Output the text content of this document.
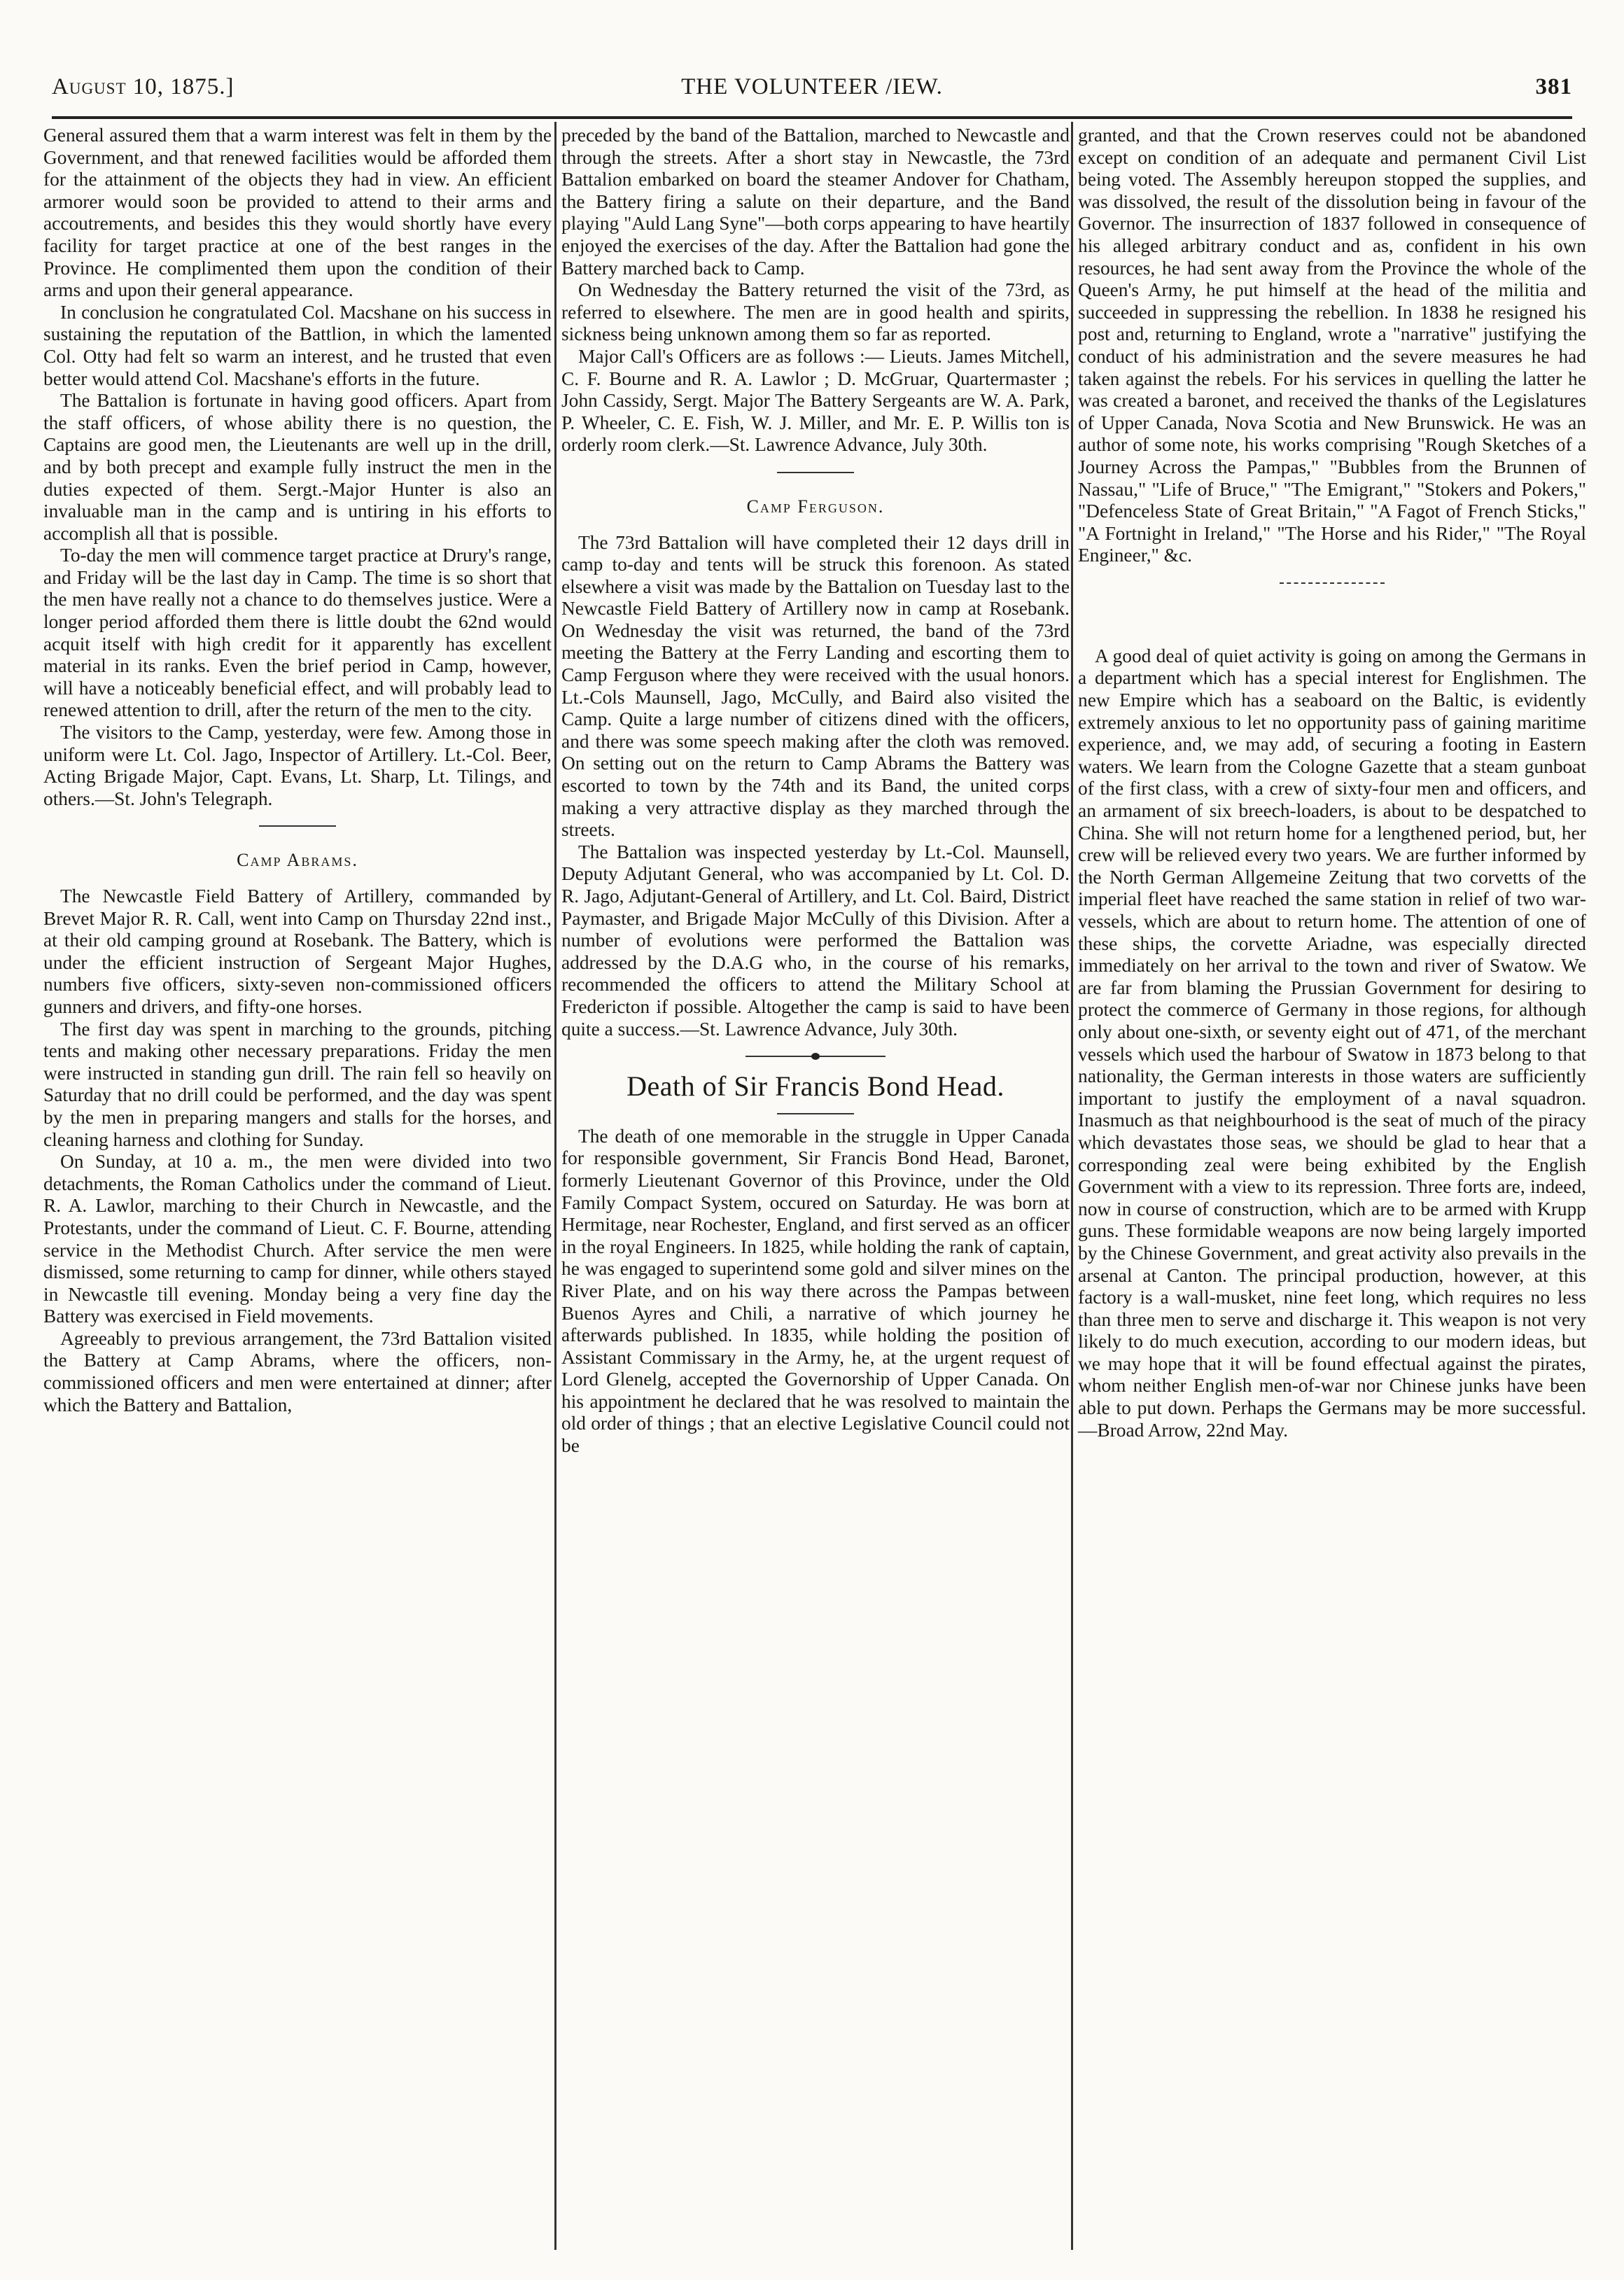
August 10, 1875.]	THE VOLUNTEER /IEW.	381

General assured them that a warm interest was felt in them by the Government, and that renewed facilities would be afforded them for the attainment of the objects they had in view. An efficient armorer would soon be provided to attend to their arms and accoutrements, and besides this they would shortly have every facility for target practice at one of the best ranges in the Province. He complimented them upon the condition of their arms and upon their general appearance.

In conclusion he congratulated Col. Macshane on his success in sustaining the reputation of the Battlion, in which the lamented Col. Otty had felt so warm an interest, and he trusted that even better would attend Col. Macshane's efforts in the future.

The Battalion is fortunate in having good officers. Apart from the staff officers, of whose ability there is no question, the Captains are good men, the Lieutenants are well up in the drill, and by both precept and example fully instruct the men in the duties expected of them. Sergt.-Major Hunter is also an invaluable man in the camp and is untiring in his efforts to accomplish all that is possible.

To-day the men will commence target practice at Drury's range, and Friday will be the last day in Camp. The time is so short that the men have really not a chance to do themselves justice. Were a longer period afforded them there is little doubt the 62nd would acquit itself with high credit for it apparently has excellent material in its ranks. Even the brief period in Camp, however, will have a noticeably beneficial effect, and will probably lead to renewed attention to drill, after the return of the men to the city.

The visitors to the Camp, yesterday, were few. Among those in uniform were Lt. Col. Jago, Inspector of Artillery. Lt.-Col. Beer, Acting Brigade Major, Capt. Evans, Lt. Sharp, Lt. Tilings, and others.—St. John's Telegraph.

Camp Abrams.

The Newcastle Field Battery of Artillery, commanded by Brevet Major R. R. Call, went into Camp on Thursday 22nd inst., at their old camping ground at Rosebank. The Battery, which is under the efficient instruction of Sergeant Major Hughes, numbers five officers, sixty-seven non-commissioned officers gunners and drivers, and fifty-one horses.

The first day was spent in marching to the grounds, pitching tents and making other necessary preparations. Friday the men were instructed in standing gun drill. The rain fell so heavily on Saturday that no drill could be performed, and the day was spent by the men in preparing mangers and stalls for the horses, and cleaning harness and clothing for Sunday.

On Sunday, at 10 a. m., the men were divided into two detachments, the Roman Catholics under the command of Lieut. R. A. Lawlor, marching to their Church in Newcastle, and the Protestants, under the command of Lieut. C. F. Bourne, attending service in the Methodist Church. After service the men were dismissed, some returning to camp for dinner, while others stayed in Newcastle till evening. Monday being a very fine day the Battery was exercised in Field movements.

Agreeably to previous arrangement, the 73rd Battalion visited the Battery at Camp Abrams, where the officers, non-commissioned officers and men were entertained at dinner; after which the Battery and Battalion,

preceded by the band of the Battalion, marched to Newcastle and through the streets. After a short stay in Newcastle, the 73rd Battalion embarked on board the steamer Andover for Chatham, the Battery firing a salute on their departure, and the Band playing "Auld Lang Syne"—both corps appearing to have heartily enjoyed the exercises of the day. After the Battalion had gone the Battery marched back to Camp.

On Wednesday the Battery returned the visit of the 73rd, as referred to elsewhere. The men are in good health and spirits, sickness being unknown among them so far as reported.

Major Call's Officers are as follows :— Lieuts. James Mitchell, C. F. Bourne and R. A. Lawlor ; D. McGruar, Quartermaster ; John Cassidy, Sergt. Major The Battery Sergeants are W. A. Park, P. Wheeler, C. E. Fish, W. J. Miller, and Mr. E. P. Willis ton is orderly room clerk.—St. Lawrence Advance, July 30th.

Camp Ferguson.

The 73rd Battalion will have completed their 12 days drill in camp to-day and tents will be struck this forenoon. As stated elsewhere a visit was made by the Battalion on Tuesday last to the Newcastle Field Battery of Artillery now in camp at Rosebank. On Wednesday the visit was returned, the band of the 73rd meeting the Battery at the Ferry Landing and escorting them to Camp Ferguson where they were received with the usual honors. Lt.-Cols Maunsell, Jago, McCully, and Baird also visited the Camp. Quite a large number of citizens dined with the officers, and there was some speech making after the cloth was removed. On setting out on the return to Camp Abrams the Battery was escorted to town by the 74th and its Band, the united corps making a very attractive display as they marched through the streets.

The Battalion was inspected yesterday by Lt.-Col. Maunsell, Deputy Adjutant General, who was accompanied by Lt. Col. D. R. Jago, Adjutant-General of Artillery, and Lt. Col. Baird, District Paymaster, and Brigade Major McCully of this Division. After a number of evolutions were performed the Battalion was addressed by the D.A.G who, in the course of his remarks, recommended the officers to attend the Military School at Fredericton if possible. Altogether the camp is said to have been quite a success.—St. Lawrence Advance, July 30th.

Death of Sir Francis Bond Head.

The death of one memorable in the struggle in Upper Canada for responsible government, Sir Francis Bond Head, Baronet, formerly Lieutenant Governor of this Province, under the Old Family Compact System, occured on Saturday. He was born at Hermitage, near Rochester, England, and first served as an officer in the royal Engineers. In 1825, while holding the rank of captain, he was engaged to superintend some gold and silver mines on the River Plate, and on his way there across the Pampas between Buenos Ayres and Chili, a narrative of which journey he afterwards published. In 1835, while holding the position of Assistant Commissary in the Army, he, at the urgent request of Lord Glenelg, accepted the Governorship of Upper Canada. On his appointment he declared that he was resolved to maintain the old order of things ; that an elective Legislative Council could not be

granted, and that the Crown reserves could not be abandoned except on condition of an adequate and permanent Civil List being voted. The Assembly hereupon stopped the supplies, and was dissolved, the result of the dissolution being in favour of the Governor. The insurrection of 1837 followed in consequence of his alleged arbitrary conduct and as, confident in his own resources, he had sent away from the Province the whole of the Queen's Army, he put himself at the head of the militia and succeeded in suppressing the rebellion. In 1838 he resigned his post and, returning to England, wrote a "narrative" justifying the conduct of his administration and the severe measures he had taken against the rebels. For his services in quelling the latter he was created a baronet, and received the thanks of the Legislatures of Upper Canada, Nova Scotia and New Brunswick. He was an author of some note, his works comprising "Rough Sketches of a Journey Across the Pampas," "Bubbles from the Brunnen of Nassau," "Life of Bruce," "The Emigrant," "Stokers and Pokers," "Defenceless State of Great Britain," "A Fagot of French Sticks," "A Fortnight in Ireland," "The Horse and his Rider," "The Royal Engineer," &c.

A good deal of quiet activity is going on among the Germans in a department which has a special interest for Englishmen. The new Empire which has a seaboard on the Baltic, is evidently extremely anxious to let no opportunity pass of gaining maritime experience, and, we may add, of securing a footing in Eastern waters. We learn from the Cologne Gazette that a steam gunboat of the first class, with a crew of sixty-four men and officers, and an armament of six breech-loaders, is about to be despatched to China. She will not return home for a lengthened period, but, her crew will be relieved every two years. We are further informed by the North German Allgemeine Zeitung that two corvetts of the imperial fleet have reached the same station in relief of two war-vessels, which are about to return home. The attention of one of these ships, the corvette Ariadne, was especially directed immediately on her arrival to the town and river of Swatow. We are far from blaming the Prussian Government for desiring to protect the commerce of Germany in those regions, for although only about one-sixth, or seventy eight out of 471, of the merchant vessels which used the harbour of Swatow in 1873 belong to that nationality, the German interests in those waters are sufficiently important to justify the employment of a naval squadron. Inasmuch as that neighbourhood is the seat of much of the piracy which devastates those seas, we should be glad to hear that a corresponding zeal were being exhibited by the English Government with a view to its repression. Three forts are, indeed, now in course of construction, which are to be armed with Krupp guns. These formidable weapons are now being largely imported by the Chinese Government, and great activity also prevails in the arsenal at Canton. The principal production, however, at this factory is a wall-musket, nine feet long, which requires no less than three men to serve and discharge it. This weapon is not very likely to do much execution, according to our modern ideas, but we may hope that it will be found effectual against the pirates, whom neither English men-of-war nor Chinese junks have been able to put down. Perhaps the Germans may be more successful.—Broad Arrow, 22nd May.
